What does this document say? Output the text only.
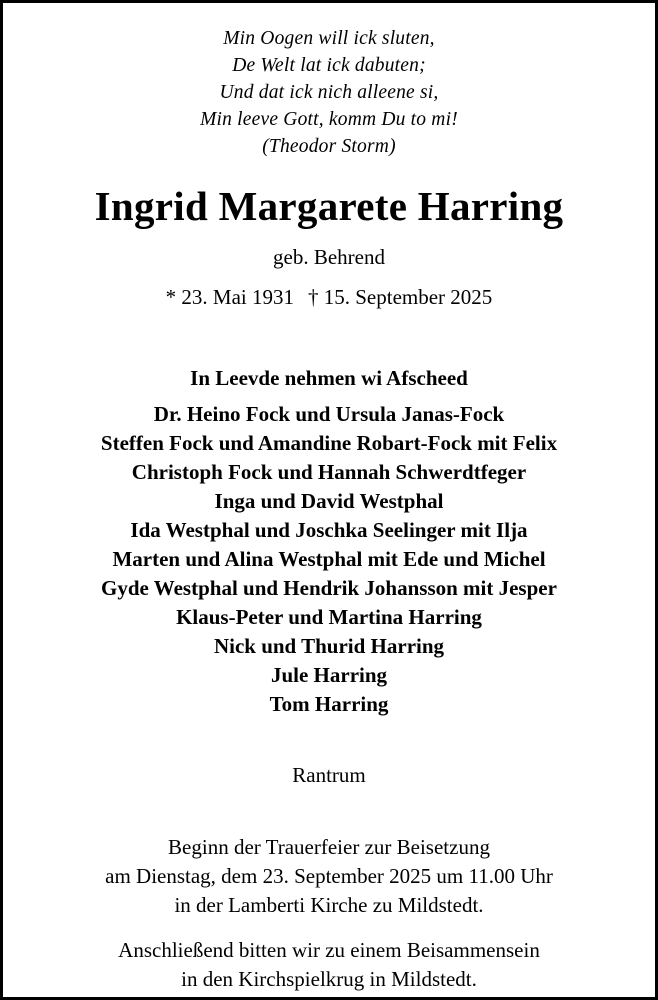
Min Oogen will ick sluten,
De Welt lat ick dabuten;
Und dat ick nich alleene si,
Min leeve Gott, komm Du to mi!
(Theodor Storm)
Ingrid Margarete Harring
geb. Behrend
* 23. Mai 1931 † 15. September 2025
In Leevde nehmen wi Afscheed
Dr. Heino Fock und Ursula Janas-Fock
Steffen Fock und Amandine Robart-Fock mit Felix
Christoph Fock und Hannah Schwerdtfeger
Inga und David Westphal
Ida Westphal und Joschka Seelinger mit Ilja
Marten und Alina Westphal mit Ede und Michel
Gyde Westphal und Hendrik Johansson mit Jesper
Klaus-Peter und Martina Harring
Nick und Thurid Harring
Jule Harring
Tom Harring
Rantrum
Beginn der Trauerfeier zur Beisetzung
am Dienstag, dem 23. September 2025 um 11.00 Uhr
in der Lamberti Kirche zu Mildstedt.
Anschließend bitten wir zu einem Beisammensein
in den Kirchspielkrug in Mildstedt.
